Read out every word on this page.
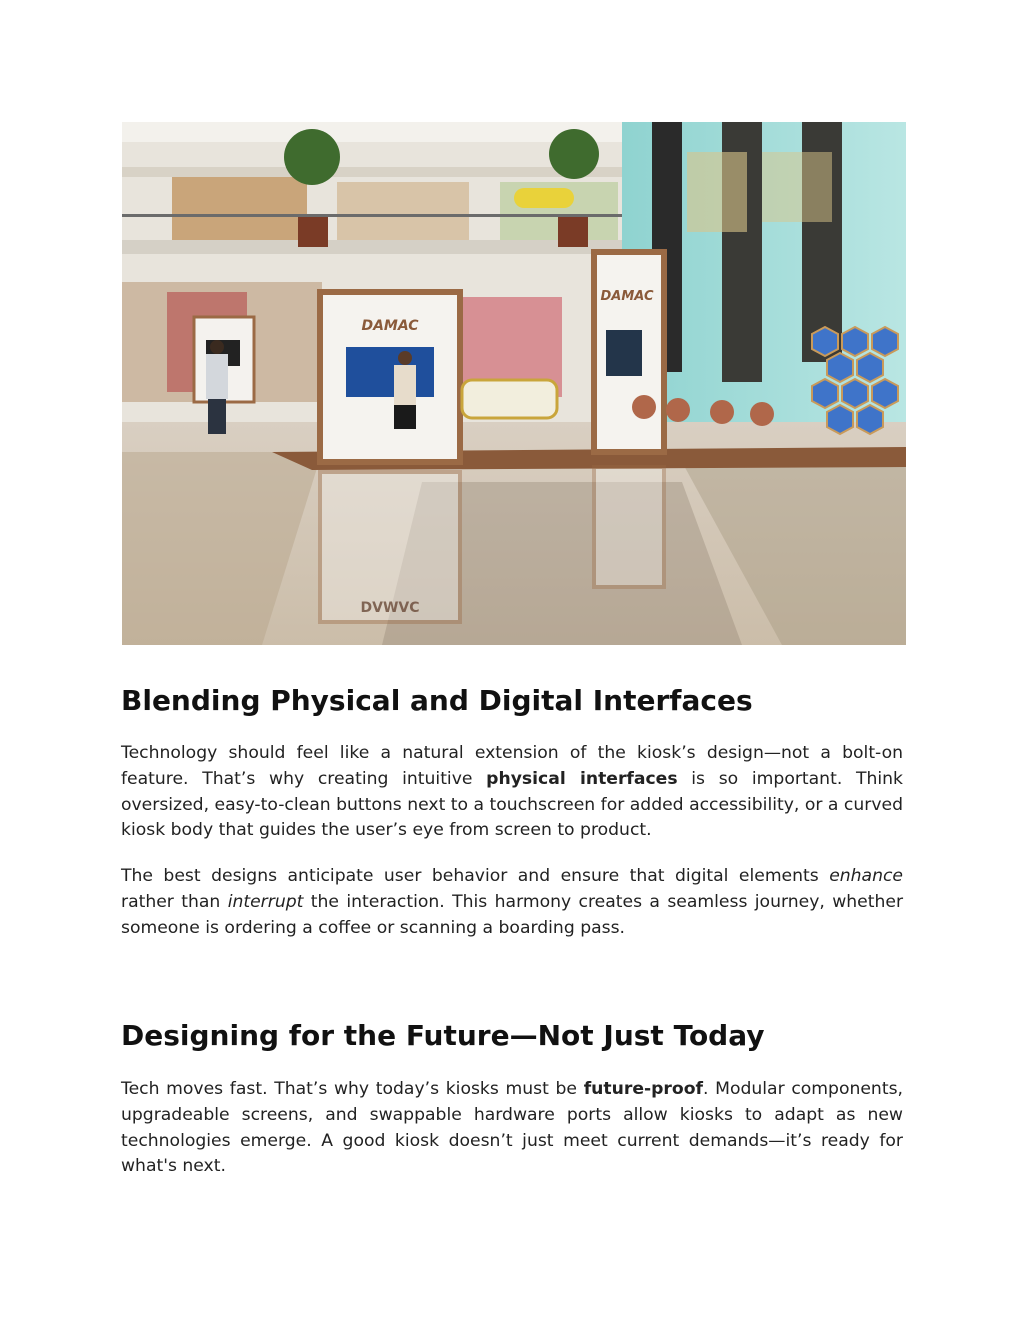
DAMAC
DAMAC
DVWVC
Blending Physical and Digital Interfaces

Technology should feel like a natural extension of the kiosk’s design—not a bolt-on feature. That’s why creating intuitive physical interfaces is so important. Think oversized, easy-to-clean buttons next to a touchscreen for added accessibility, or a curved kiosk body that guides the user’s eye from screen to product.

The best designs anticipate user behavior and ensure that digital elements enhance rather than interrupt the interaction. This harmony creates a seamless journey, whether someone is ordering a coffee or scanning a boarding pass.

Designing for the Future—Not Just Today

Tech moves fast. That’s why today’s kiosks must be future-proof. Modular components, upgradeable screens, and swappable hardware ports allow kiosks to adapt as new technologies emerge. A good kiosk doesn’t just meet current demands—it’s ready for what's next.
